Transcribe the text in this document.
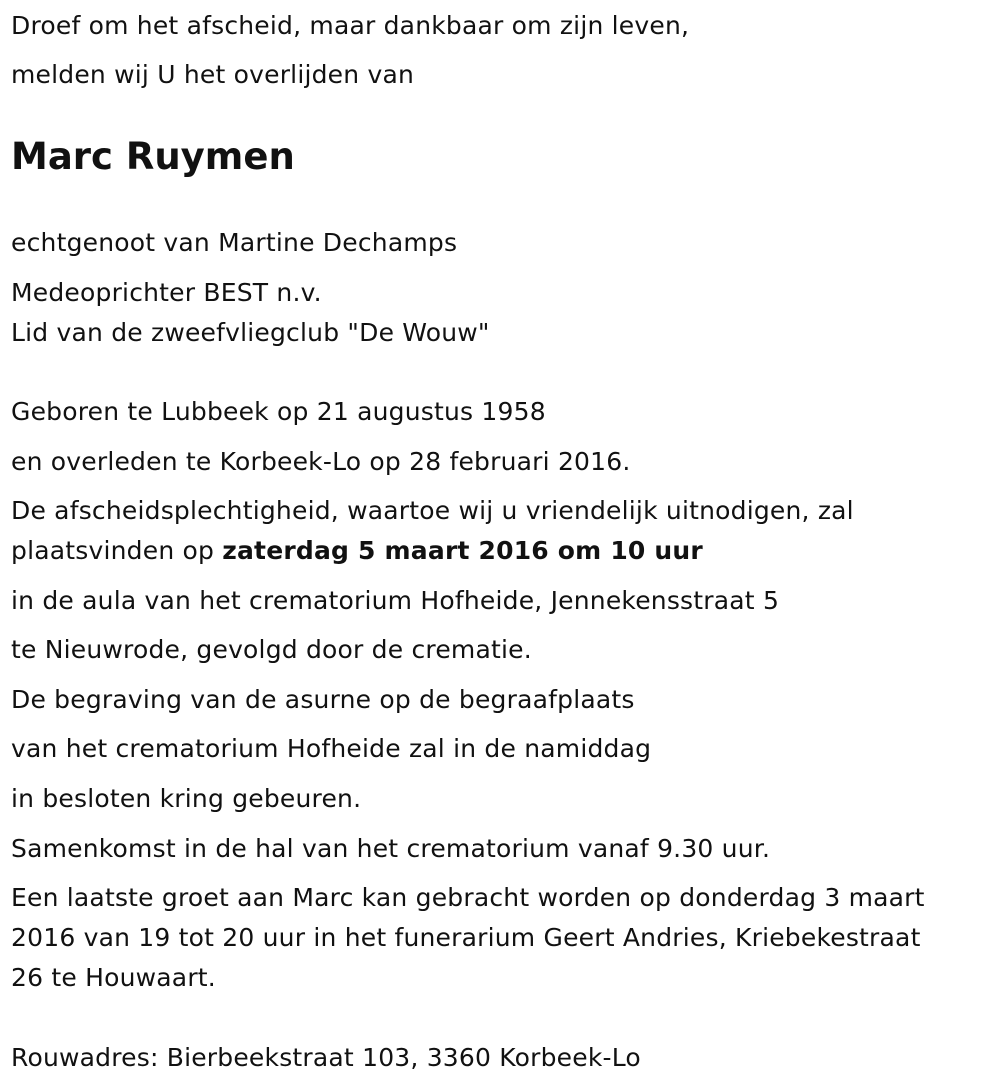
Droef om het afscheid, maar dankbaar om zijn leven,
melden wij U het overlijden van
Marc Ruymen
echtgenoot van Martine Dechamps
Medeoprichter BEST n.v.
Lid van de zweefvliegclub "De Wouw"
Geboren te Lubbeek op 21 augustus 1958
en overleden te Korbeek-Lo op 28 februari 2016.
De afscheidsplechtigheid, waartoe wij u vriendelijk uitnodigen, zal
plaatsvinden op zaterdag 5 maart 2016 om 10 uur
in de aula van het crematorium Hofheide, Jennekensstraat 5
te Nieuwrode, gevolgd door de crematie.
De begraving van de asurne op de begraafplaats
van het crematorium Hofheide zal in de namiddag
in besloten kring gebeuren.
Samenkomst in de hal van het crematorium vanaf 9.30 uur.
Een laatste groet aan Marc kan gebracht worden op donderdag 3 maart
2016 van 19 tot 20 uur in het funerarium Geert Andries, Kriebekestraat
26 te Houwaart.
Rouwadres: Bierbeekstraat 103, 3360 Korbeek-Lo
